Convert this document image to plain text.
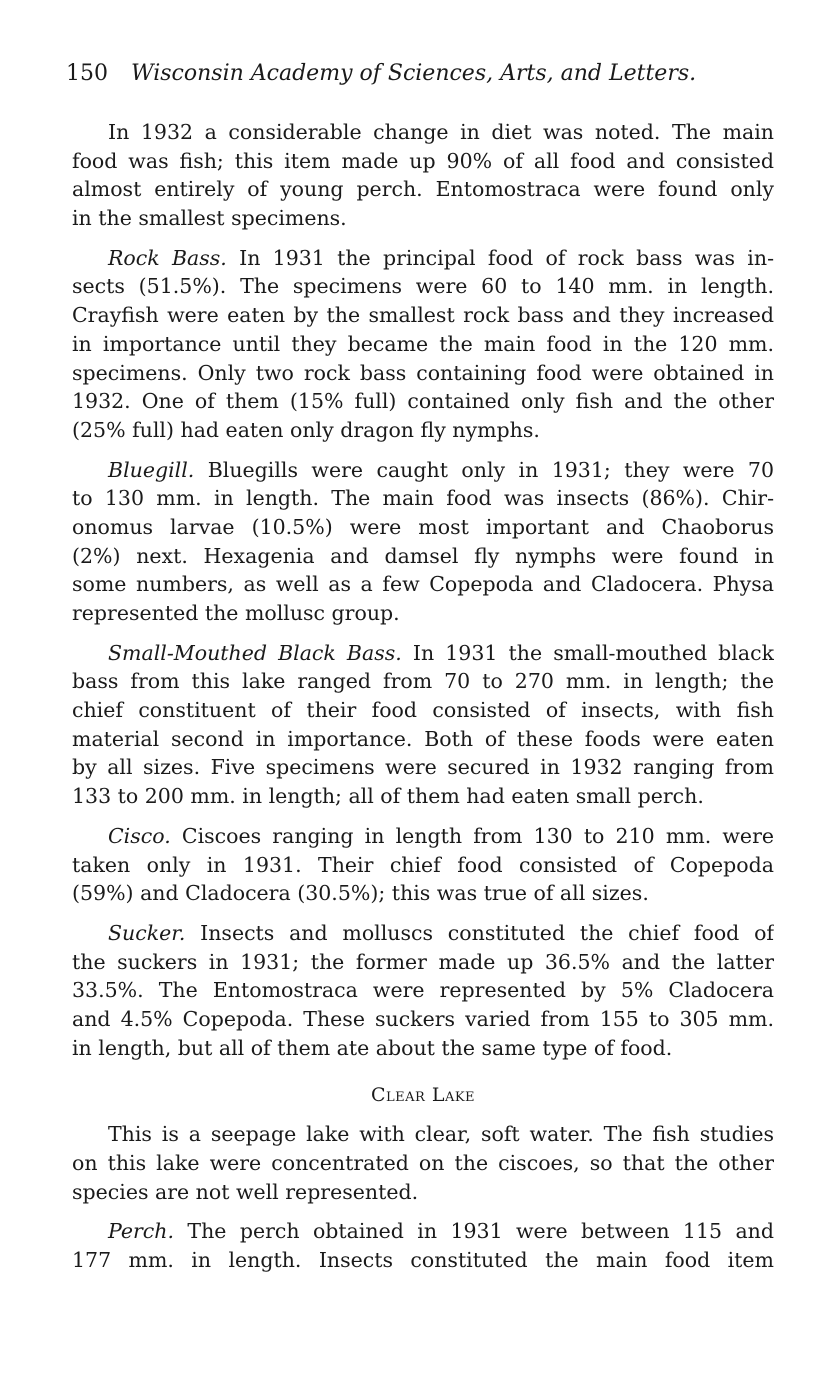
150 Wisconsin Academy of Sciences, Arts, and Letters.
In 1932 a considerable change in diet was noted. The main
food was fish; this item made up 90% of all food and consisted
almost entirely of young perch. Entomostraca were found only
in the smallest specimens.
Rock Bass. In 1931 the principal food of rock bass was in-
sects (51.5%). The specimens were 60 to 140 mm. in length.
Crayfish were eaten by the smallest rock bass and they increased
in importance until they became the main food in the 120 mm.
specimens. Only two rock bass containing food were obtained in
1932. One of them (15% full) contained only fish and the other
(25% full) had eaten only dragon fly nymphs.
Bluegill. Bluegills were caught only in 1931; they were 70
to 130 mm. in length. The main food was insects (86%). Chir-
onomus larvae (10.5%) were most important and Chaoborus
(2%) next. Hexagenia and damsel fly nymphs were found in
some numbers, as well as a few Copepoda and Cladocera. Physa
represented the mollusc group.
Small-Mouthed Black Bass. In 1931 the small-mouthed black
bass from this lake ranged from 70 to 270 mm. in length; the
chief constituent of their food consisted of insects, with fish
material second in importance. Both of these foods were eaten
by all sizes. Five specimens were secured in 1932 ranging from
133 to 200 mm. in length; all of them had eaten small perch.
Cisco. Ciscoes ranging in length from 130 to 210 mm. were
taken only in 1931. Their chief food consisted of Copepoda
(59%) and Cladocera (30.5%); this was true of all sizes.
Sucker. Insects and molluscs constituted the chief food of
the suckers in 1931; the former made up 36.5% and the latter
33.5%. The Entomostraca were represented by 5% Cladocera
and 4.5% Copepoda. These suckers varied from 155 to 305 mm.
in length, but all of them ate about the same type of food.
Clear Lake
This is a seepage lake with clear, soft water. The fish studies
on this lake were concentrated on the ciscoes, so that the other
species are not well represented.
Perch. The perch obtained in 1931 were between 115 and
177 mm. in length. Insects constituted the main food item
